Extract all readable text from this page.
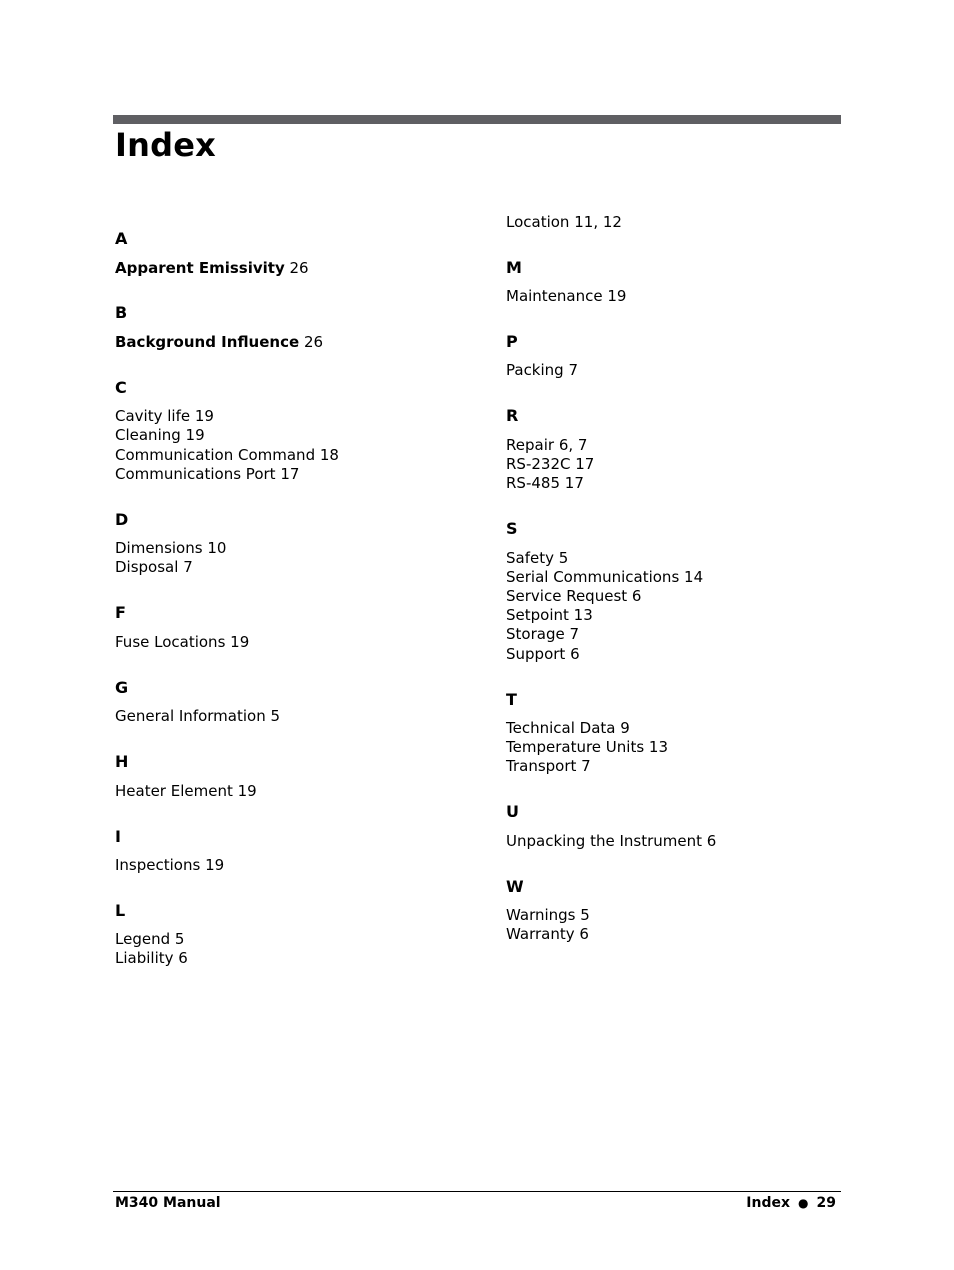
Index
A
Apparent Emissivity 26
B
Background Influence 26
C
Cavity life 19
Cleaning 19
Communication Command 18
Communications Port 17
D
Dimensions 10
Disposal 7
F
Fuse Locations 19
G
General Information 5
H
Heater Element 19
I
Inspections 19
L
Legend 5
Liability 6
Location 11, 12
M
Maintenance 19
P
Packing 7
R
Repair 6, 7
RS-232C 17
RS-485 17
S
Safety 5
Serial Communications 14
Service Request 6
Setpoint 13
Storage 7
Support 6
T
Technical Data 9
Temperature Units 13
Transport 7
U
Unpacking the Instrument 6
W
Warnings 5
Warranty 6
M340 Manual	Index ● 29
